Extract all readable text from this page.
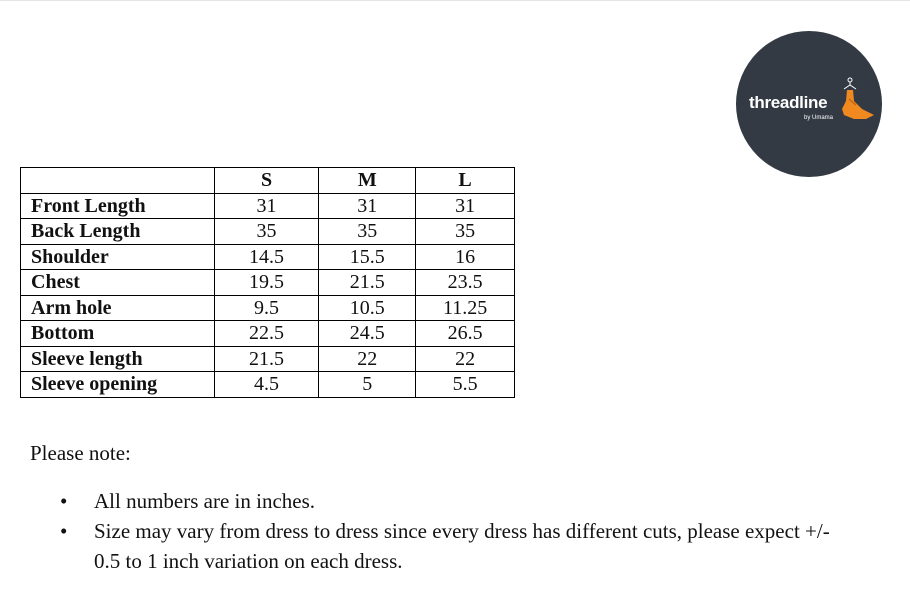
threadline
by Umama
	S	M	L
Front Length	31	31	31
Back Length	35	35	35
Shoulder	14.5	15.5	16
Chest	19.5	21.5	23.5
Arm hole	9.5	10.5	11.25
Bottom	22.5	24.5	26.5
Sleeve length	21.5	22	22
Sleeve opening	4.5	5	5.5
Please note:
• All numbers are in inches.
• Size may vary from dress to dress since every dress has different cuts, please expect +/- 0.5 to 1 inch variation on each dress.
